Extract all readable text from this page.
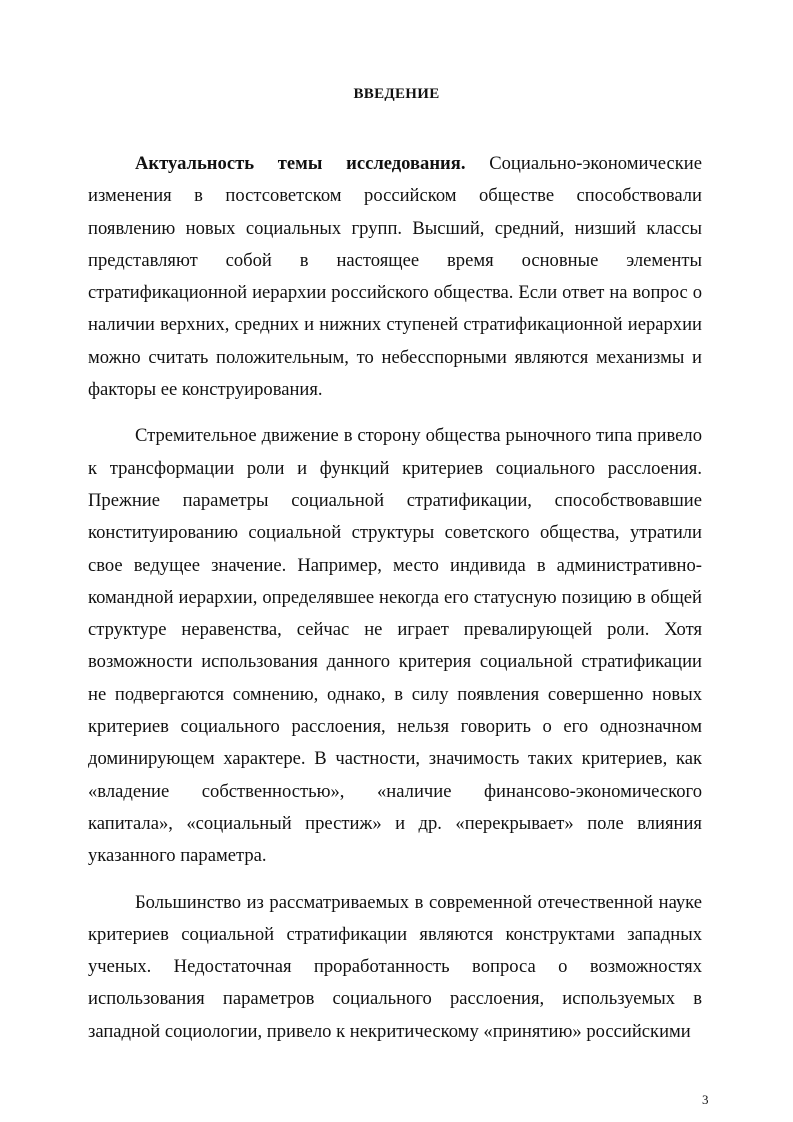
ВВЕДЕНИЕ

Актуальность темы исследования. Социально-экономические изменения в постсоветском российском обществе способствовали появлению новых социальных групп. Высший, средний, низший классы представляют собой в настоящее время основные элементы стратификационной иерархии российского общества. Если ответ на вопрос о наличии верхних, средних и нижних ступеней стратификационной иерархии можно считать положительным, то небесспорными являются механизмы и факторы ее конструирования.

Стремительное движение в сторону общества рыночного типа привело к трансформации роли и функций критериев социального расслоения. Прежние параметры социальной стратификации, способствовавшие конституированию социальной структуры советского общества, утратили свое ведущее значение. Например, место индивида в административно-командной иерархии, определявшее некогда его статусную позицию в общей структуре неравенства, сейчас не играет превалирующей роли. Хотя возможности использования данного критерия социальной стратификации не подвергаются сомнению, однако, в силу появления совершенно новых критериев социального расслоения, нельзя говорить о его однозначном доминирующем характере. В частности, значимость таких критериев, как «владение собственностью», «наличие финансово-экономического капитала», «социальный престиж» и др. «перекрывает» поле влияния указанного параметра.

Большинство из рассматриваемых в современной отечественной науке критериев социальной стратификации являются конструктами западных ученых. Недостаточная проработанность вопроса о возможностях использования параметров социального расслоения, используемых в западной социологии, привело к некритическому «принятию» российскими

3
